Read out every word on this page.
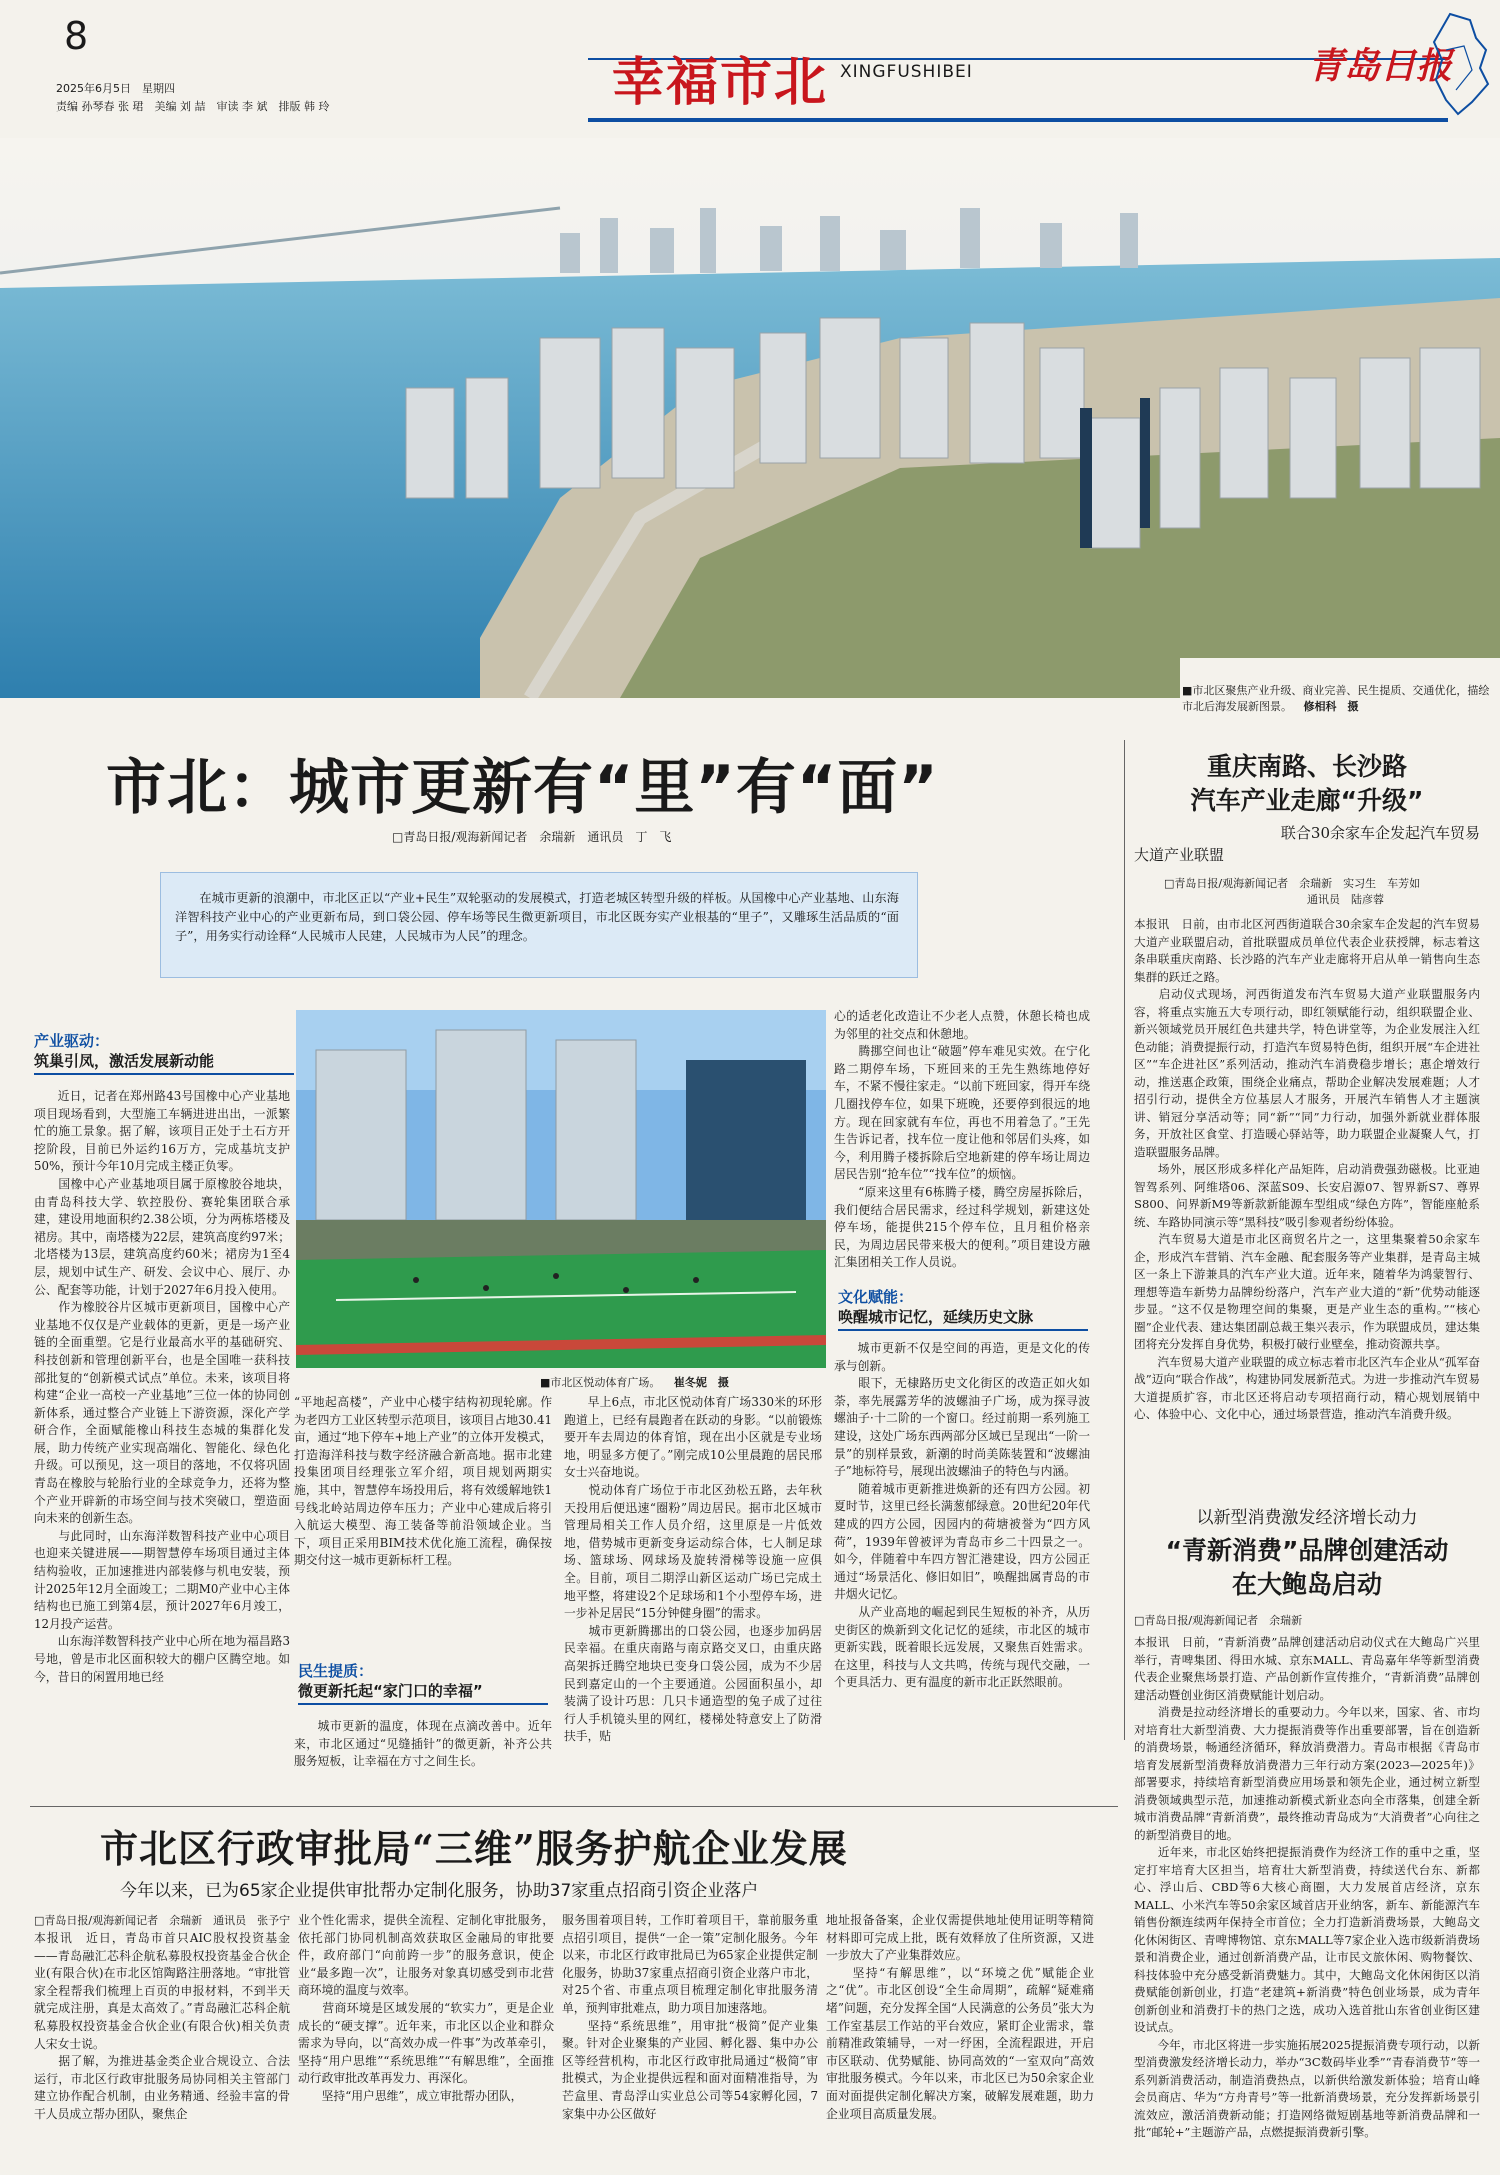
8
2025年6月5日　星期四
责编 孙琴春 张 珺　美编 刘 喆　审读 李 斌　排版 韩 玲	幸福市北 XINGFUSHIBEI	青岛日报
■市北区聚焦产业升级、商业完善、民生提质、交通优化，描绘市北后海发展新图景。 修相科　摄
市北：城市更新有“里”有“面”
□青岛日报/观海新闻记者　余瑞新　通讯员　丁　飞

在城市更新的浪潮中，市北区正以“产业+民生”双轮驱动的发展模式，打造老城区转型升级的样板。从国橡中心产业基地、山东海洋智科技产业中心的产业更新布局，到口袋公园、停车场等民生微更新项目，市北区既夯实产业根基的“里子”，又雕琢生活品质的“面子”，用务实行动诠释“人民城市人民建，人民城市为人民”的理念。

产业驱动：
筑巢引凤，激活发展新动能

近日，记者在郑州路43号国橡中心产业基地项目现场看到，大型施工车辆进进出出，一派繁忙的施工景象。据了解，该项目正处于土石方开挖阶段，目前已外运约16万方，完成基坑支护50%，预计今年10月完成主楼正负零。
　　国橡中心产业基地项目属于原橡胶谷地块，由青岛科技大学、软控股份、赛轮集团联合承建，建设用地面积约2.38公顷，分为两栋塔楼及裙房。其中，南塔楼为22层，建筑高度约97米；北塔楼为13层，建筑高度约60米；裙房为1至4层，规划中试生产、研发、会议中心、展厅、办公、配套等功能，计划于2027年6月投入使用。
　　作为橡胶谷片区城市更新项目，国橡中心产业基地不仅仅是产业载体的更新，更是一场产业链的全面重塑。它是行业最高水平的基础研究、科技创新和管理创新平台，也是全国唯一获科技部批复的“创新模式试点”单位。未来，该项目将构建“企业一高校一产业基地”三位一体的协同创新体系，通过整合产业链上下游资源，深化产学研合作，全面赋能橡山科技生态城的集群化发展，助力传统产业实现高端化、智能化、绿色化升级。可以预见，这一项目的落地，不仅将巩固青岛在橡胶与轮胎行业的全球竞争力，还将为整个产业开辟新的市场空间与技术突破口，塑造面向未来的创新生态。
　　与此同时，山东海洋数智科技产业中心项目也迎来关键进展——期智慧停车场项目通过主体结构验收，正加速推进内部装修与机电安装，预计2025年12月全面竣工；二期M0产业中心主体结构也已施工到第4层，预计2027年6月竣工，12月投产运营。
　　山东海洋数智科技产业中心所在地为福昌路3号地，曾是市北区面积较大的棚户区腾空地。如今，昔日的闲置用地已经

■市北区悦动体育广场。 崔冬妮　摄

“平地起高楼”，产业中心楼宇结构初现轮廓。作为老四方工业区转型示范项目，该项目占地30.41亩，通过“地下停车+地上产业”的立体开发模式，打造海洋科技与数字经济融合新高地。据市北建投集团项目经理张立军介绍，项目规划两期实施，其中，智慧停车场投用后，将有效缓解地铁1号线北岭站周边停车压力；产业中心建成后将引入航运大模型、海工装备等前沿领域企业。当下，项目正采用BIM技术优化施工流程，确保按期交付这一城市更新标杆工程。

民生提质：
微更新托起“家门口的幸福”

城市更新的温度，体现在点滴改善中。近年来，市北区通过“见缝插针”的微更新，补齐公共服务短板，让幸福在方寸之间生长。

早上6点，市北区悦动体育广场330米的环形跑道上，已经有晨跑者在跃动的身影。“以前锻炼要开车去周边的体育馆，现在出小区就是专业场地，明显多方便了。”刚完成10公里晨跑的居民邢女士兴奋地说。
　　悦动体育广场位于市北区劲松五路，去年秋天投用后便迅速“圈粉”周边居民。据市北区城市管理局相关工作人员介绍，这里原是一片低效地，借势城市更新变身运动综合体，七人制足球场、篮球场、网球场及旋转滑梯等设施一应俱全。目前，项目二期浮山新区运动广场已完成土地平整，将建设2个足球场和1个小型停车场，进一步补足居民“15分钟健身圈”的需求。
　　城市更新腾挪出的口袋公园，也逐步加码居民幸福。在重庆南路与南京路交叉口，由重庆路高架拆迁腾空地块已变身口袋公园，成为不少居民到嘉定山的一个主要通道。公园面积虽小，却装满了设计巧思：几只卡通造型的兔子成了过往行人手机镜头里的网红，楼梯处特意安上了防滑扶手，贴

心的适老化改造让不少老人点赞，休憩长椅也成为邻里的社交点和休憩地。
　　腾挪空间也让“破题”停车难见实效。在宁化路二期停车场，下班回来的王先生熟练地停好车，不紧不慢往家走。“以前下班回家，得开车绕几圈找停车位，如果下班晚，还要停到很远的地方。现在回家就有车位，再也不用着急了。”王先生告诉记者，找车位一度让他和邻居们头疼，如今，利用腾子楼拆除后空地新建的停车场让周边居民告别“抢车位”“找车位”的烦恼。
　　“原来这里有6栋腾子楼，腾空房屋拆除后，我们便结合居民需求，经过科学规划，新建这处停车场，能提供215个停车位，且月租价格亲民，为周边居民带来极大的便利。”项目建设方融汇集团相关工作人员说。

文化赋能：
唤醒城市记忆，延续历史文脉

城市更新不仅是空间的再造，更是文化的传承与创新。
　　眼下，无棣路历史文化街区的改造正如火如荼，率先展露芳华的波螺油子广场，成为探寻波螺油子·十二阶的一个窗口。经过前期一系列施工建设，这处广场东西两部分区域已呈现出“一阶一景”的别样景致，新潮的时尚美陈装置和“波螺油子”地标符号，展现出波螺油子的特色与内涵。
　　随着城市更新推进焕新的还有四方公园。初夏时节，这里已经长满葱郁绿意。20世纪20年代建成的四方公园，因园内的荷塘被誉为“四方风荷”，1939年曾被评为青岛市乡二十四景之一。如今，伴随着中车四方智汇港建设，四方公园正通过“场景活化、修旧如旧”，唤醒拙属青岛的市井烟火记忆。
　　从产业高地的崛起到民生短板的补齐，从历史街区的焕新到文化记忆的延续，市北区的城市更新实践，既着眼长远发展，又聚焦百姓需求。在这里，科技与人文共鸣，传统与现代交融，一个更具活力、更有温度的新市北正跃然眼前。

重庆南路、长沙路
汽车产业走廊“升级”
联合30余家车企发起汽车贸易
大道产业联盟
□青岛日报/观海新闻记者　余瑞新　实习生　车芳如
　　　　　　　　　　　　　通讯员　陆彦蓉

本报讯　日前，由市北区河西街道联合30余家车企发起的汽车贸易大道产业联盟启动，首批联盟成员单位代表企业获授牌，标志着这条串联重庆南路、长沙路的汽车产业走廊将开启从单一销售向生态集群的跃迁之路。
　　启动仪式现场，河西街道发布汽车贸易大道产业联盟服务内容，将重点实施五大专项行动，即红领赋能行动，组织联盟企业、新兴领域党员开展红色共建共学，特色讲堂等，为企业发展注入红色动能；消费提振行动，打造汽车贸易特色街，组织开展“车企进社区”“车企进社区”系列活动，推动汽车消费稳步增长；惠企增效行动，推送惠企政策，围绕企业痛点，帮助企业解决发展难题；人才招引行动，提供全方位基层人才服务，开展汽车销售人才主题演讲、销冠分享活动等；同“新”“同”力行动，加强外新就业群体服务，开放社区食堂、打造暖心驿站等，助力联盟企业凝聚人气，打造联盟服务品牌。
　　场外，展区形成多样化产品矩阵，启动消费强劲磁极。比亚迪智驾系列、阿维塔06、深蓝S09、长安启源07、智界新S7、尊界S800、问界新M9等新款新能源车型组成“绿色方阵”，智能座舱系统、车路协同演示等“黑科技”吸引参观者纷纷体验。
　　汽车贸易大道是市北区商贸名片之一，这里集聚着50余家车企，形成汽车营销、汽车金融、配套服务等产业集群，是青岛主城区一条上下游兼具的汽车产业大道。近年来，随着华为鸿蒙智行、理想等造车新势力品牌纷纷落户，汽车产业大道的“新”优势动能逐步显。“这不仅是物理空间的集聚，更是产业生态的重构。”“核心圈”企业代表、建达集团副总裁王集兴表示，作为联盟成员，建达集团将充分发挥自身优势，积极打破行业壁垒，推动资源共享。
　　汽车贸易大道产业联盟的成立标志着市北区汽车企业从“孤军奋战”迈向“联合作战”，构建协同发展新范式。为进一步推动汽车贸易大道提质扩容，市北区还将启动专项招商行动，精心规划展销中心、体验中心、文化中心，通过场景营造，推动汽车消费升级。

以新型消费激发经济增长动力
“青新消费”品牌创建活动
在大鲍岛启动
□青岛日报/观海新闻记者　余瑞新

本报讯　日前，“青新消费”品牌创建活动启动仪式在大鲍岛广兴里举行，青啤集团、得田水城、京东MALL、青岛嘉年华等新型消费代表企业聚焦场景打造、产品创新作宣传推介，“青新消费”品牌创建活动暨创业街区消费赋能计划启动。
　　消费是拉动经济增长的重要动力。今年以来，国家、省、市均对培育壮大新型消费、大力提振消费等作出重要部署，旨在创造新的消费场景，畅通经济循环，释放消费潜力。青岛市根据《青岛市培育发展新型消费释放消费潜力三年行动方案(2023—2025年)》部署要求，持续培育新型消费应用场景和领先企业，通过树立新型消费领域典型示范，加速推动新模式新业态向全市落集，创建全新城市消费品牌“青新消费”，最终推动青岛成为“大消费者”心向往之的新型消费目的地。
　　近年来，市北区始终把提振消费作为经济工作的重中之重，坚定打牢培育大区担当，培育壮大新型消费，持续送代台东、新都心、浮山后、CBD等6大核心商圈，大力发展首店经济，京东MALL、小米汽车等50余家区域首店开业纳客，新车、新能源汽车销售份额连续两年保持全市首位；全力打造新消费场景，大鲍岛文化休闲街区、青啤博物馆、京东MALL等7家企业入选市级新消费场景和消费企业，通过创新消费产品，让市民文旅休闲、购物餐饮、科技体验中充分感受新消费魅力。其中，大鲍岛文化休闲街区以消费赋能创新创业，打造“老建筑+新消费”特色创业场景，成为青年创新创业和消费打卡的热门之选，成功入选首批山东省创业街区建设试点。
　　今年，市北区将进一步实施拓展2025提振消费专项行动，以新型消费激发经济增长动力，举办“3C数码毕业季”“青春消费节”等一系列新消费活动，制造消费热点，以新供给激发新体验；培育山峰会员商店、华为“方舟青号”等一批新消费场景，充分发挥新场景引流效应，激活消费新动能；打造网络微短剧基地等新消费品牌和一批“邮轮+”主题游产品，点燃提振消费新引擎。

市北区行政审批局“三维”服务护航企业发展
今年以来，已为65家企业提供审批帮办定制化服务，协助37家重点招商引资企业落户
□青岛日报/观海新闻记者　余瑞新　通讯员　张予宁

本报讯　近日，青岛市首只AIC股权投资基金——青岛融汇芯科企航私募股权投资基金合伙企业(有限合伙)在市北区馆陶路注册落地。“审批管家全程帮我们梳理上百页的申报材料，不到半天就完成注册，真是太高效了。”青岛融汇芯科企航私募股权投资基金合伙企业(有限合伙)相关负责人宋女士说。
　　据了解，为推进基金类企业合规设立、合法运行，市北区行政审批服务局协同相关主管部门建立协作配合机制，由业务精通、经验丰富的骨干人员成立帮办团队，聚焦企

业个性化需求，提供全流程、定制化审批服务，依托部门协同机制高效获取区金融局的审批要件，政府部门“向前跨一步”的服务意识，使企业“最多跑一次”，让服务对象真切感受到市北营商环境的温度与效率。
　　营商环境是区域发展的“软实力”，更是企业成长的“硬支撑”。近年来，市北区以企业和群众需求为导向，以“高效办成一件事”为改革牵引，坚持“用户思维”“系统思维”“有解思维”，全面推动行政审批改革再发力、再深化。
　　坚持“用户思维”，成立审批帮办团队，

服务围着项目转，工作盯着项目干，靠前服务重点招引项目，提供“一企一策”定制化服务。今年以来，市北区行政审批局已为65家企业提供定制化服务，协助37家重点招商引资企业落户市北，对25个省、市重点项目梳理定制化审批服务清单，预判审批难点，助力项目加速落地。
　　坚持“系统思维”，用审批“极简”促产业集聚。针对企业聚集的产业园、孵化器、集中办公区等经营机构，市北区行政审批局通过“极简”审批模式，为企业提供远程和面对面精准指导，为芒盒里、青岛浮山实业总公司等54家孵化园，7家集中办公区做好

地址报备备案，企业仅需提供地址使用证明等精简材料即可完成上批，既有效释放了住所资源，又进一步放大了产业集群效应。
　　坚持“有解思维”，以“环境之优”赋能企业之“优”。市北区创设“全生命周期”，疏解“疑难痛堵”问题，充分发挥全国“人民满意的公务员”张大为工作室基层工作站的平台效应，紧盯企业需求，靠前精准政策辅导，一对一纾困，全流程跟进，开启市区联动、优势赋能、协同高效的“一室双向”高效审批服务模式。今年以来，市北区已为50余家企业面对面提供定制化解决方案，破解发展难题，助力企业项目高质量发展。
